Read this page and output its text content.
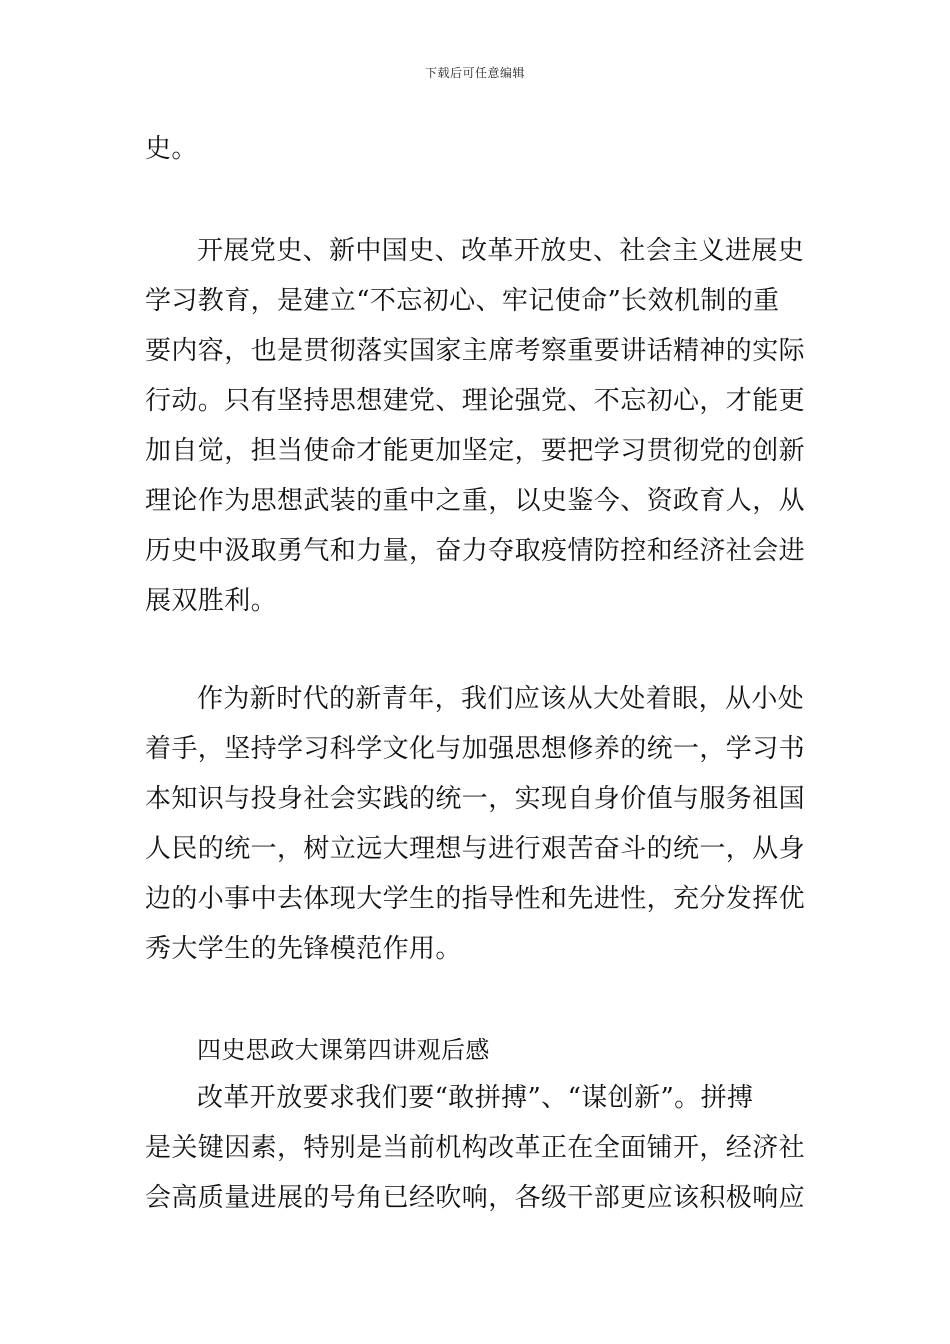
下载后可任意编辑
史。
开展党史、新中国史、改革开放史、社会主义进展史
学习教育，是建立“不忘初心、牢记使命”长效机制的重
要内容，也是贯彻落实国家主席考察重要讲话精神的实际
行动。只有坚持思想建党、理论强党、不忘初心，才能更
加自觉，担当使命才能更加坚定，要把学习贯彻党的创新
理论作为思想武装的重中之重，以史鉴今、资政育人，从
历史中汲取勇气和力量，奋力夺取疫情防控和经济社会进
展双胜利。
作为新时代的新青年，我们应该从大处着眼，从小处
着手，坚持学习科学文化与加强思想修养的统一，学习书
本知识与投身社会实践的统一，实现自身价值与服务祖国
人民的统一，树立远大理想与进行艰苦奋斗的统一，从身
边的小事中去体现大学生的指导性和先进性，充分发挥优
秀大学生的先锋模范作用。
四史思政大课第四讲观后感
改革开放要求我们要“敢拼搏”、“谋创新”。拼搏
是关键因素，特别是当前机构改革正在全面铺开，经济社
会高质量进展的号角已经吹响，各级干部更应该积极响应
